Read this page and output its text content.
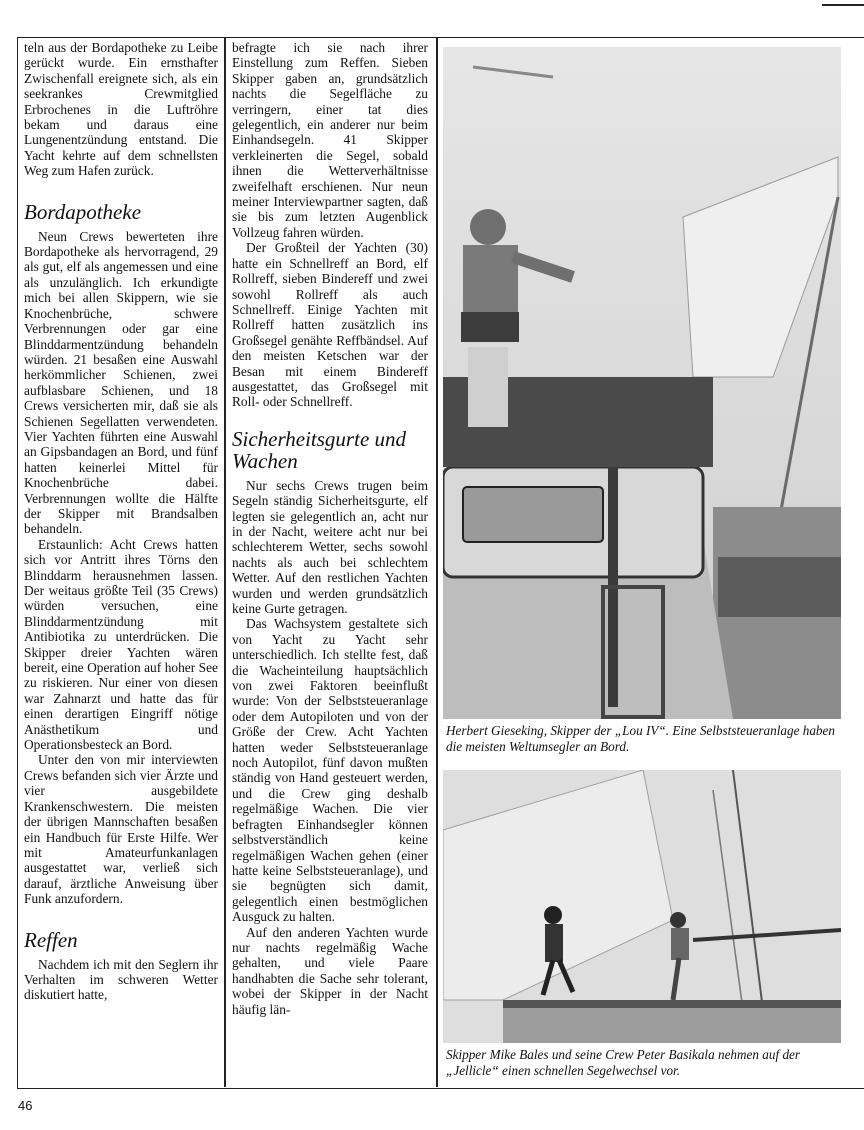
teln aus der Bordapotheke zu Leibe gerückt wurde. Ein ernsthafter Zwischenfall ereignete sich, als ein seekrankes Crewmitglied Erbrochenes in die Luftröhre bekam und daraus eine Lungenentzündung entstand. Die Yacht kehrte auf dem schnellsten Weg zum Hafen zurück.

Bordapotheke

Neun Crews bewerteten ihre Bordapotheke als hervorragend, 29 als gut, elf als angemessen und eine als unzulänglich. Ich erkundigte mich bei allen Skippern, wie sie Knochenbrüche, schwere Verbrennungen oder gar eine Blinddarmentzündung behandeln würden. 21 besaßen eine Auswahl herkömmlicher Schienen, zwei aufblasbare Schienen, und 18 Crews versicherten mir, daß sie als Schienen Segellatten verwendeten. Vier Yachten führten eine Auswahl an Gipsbandagen an Bord, und fünf hatten keinerlei Mittel für Knochenbrüche dabei. Verbrennungen wollte die Hälfte der Skipper mit Brandsalben behandeln.

Erstaunlich: Acht Crews hatten sich vor Antritt ihres Törns den Blinddarm herausnehmen lassen. Der weitaus größte Teil (35 Crews) würden versuchen, eine Blinddarmentzündung mit Antibiotika zu unterdrücken. Die Skipper dreier Yachten wären bereit, eine Operation auf hoher See zu riskieren. Nur einer von diesen war Zahnarzt und hatte das für einen derartigen Eingriff nötige Anästhetikum und Operationsbesteck an Bord.

Unter den von mir interviewten Crews befanden sich vier Ärzte und vier ausgebildete Krankenschwestern. Die meisten der übrigen Mannschaften besaßen ein Handbuch für Erste Hilfe. Wer mit Amateurfunkanlagen ausgestattet war, verließ sich darauf, ärztliche Anweisung über Funk anzufordern.

Reffen

Nachdem ich mit den Seglern ihr Verhalten im schweren Wetter diskutiert hatte,

befragte ich sie nach ihrer Einstellung zum Reffen. Sieben Skipper gaben an, grundsätzlich nachts die Segelfläche zu verringern, einer tat dies gelegentlich, ein anderer nur beim Einhandsegeln. 41 Skipper verkleinerten die Segel, sobald ihnen die Wetterverhältnisse zweifelhaft erschienen. Nur neun meiner Interviewpartner sagten, daß sie bis zum letzten Augenblick Vollzeug fahren würden.

Der Großteil der Yachten (30) hatte ein Schnellreff an Bord, elf Rollreff, sieben Bindereff und zwei sowohl Rollreff als auch Schnellreff. Einige Yachten mit Rollreff hatten zusätzlich ins Großsegel genähte Reffbändsel. Auf den meisten Ketschen war der Besan mit einem Bindereff ausgestattet, das Großsegel mit Roll- oder Schnellreff.

Sicherheitsgurte und Wachen

Nur sechs Crews trugen beim Segeln ständig Sicherheitsgurte, elf legten sie gelegentlich an, acht nur in der Nacht, weitere acht nur bei schlechterem Wetter, sechs sowohl nachts als auch bei schlechtem Wetter. Auf den restlichen Yachten wurden und werden grundsätzlich keine Gurte getragen.

Das Wachsystem gestaltete sich von Yacht zu Yacht sehr unterschiedlich. Ich stellte fest, daß die Wacheinteilung hauptsächlich von zwei Faktoren beeinflußt wurde: Von der Selbststeueranlage oder dem Autopiloten und von der Größe der Crew. Acht Yachten hatten weder Selbststeueranlage noch Autopilot, fünf davon mußten ständig von Hand gesteuert werden, und die Crew ging deshalb regelmäßige Wachen. Die vier befragten Einhandsegler können selbstverständlich keine regelmäßigen Wachen gehen (einer hatte keine Selbststeueranlage), und sie begnügten sich damit, gelegentlich einen bestmöglichen Ausguck zu halten.

Auf den anderen Yachten wurde nur nachts regelmäßig Wache gehalten, und viele Paare handhabten die Sache sehr tolerant, wobei der Skipper in der Nacht häufig län-

Herbert Gieseking, Skipper der „Lou IV“. Eine Selbststeueranlage haben die meisten Weltumsegler an Bord.
Skipper Mike Bales und seine Crew Peter Basikala nehmen auf der „Jellicle“ einen schnellen Segelwechsel vor.
46
